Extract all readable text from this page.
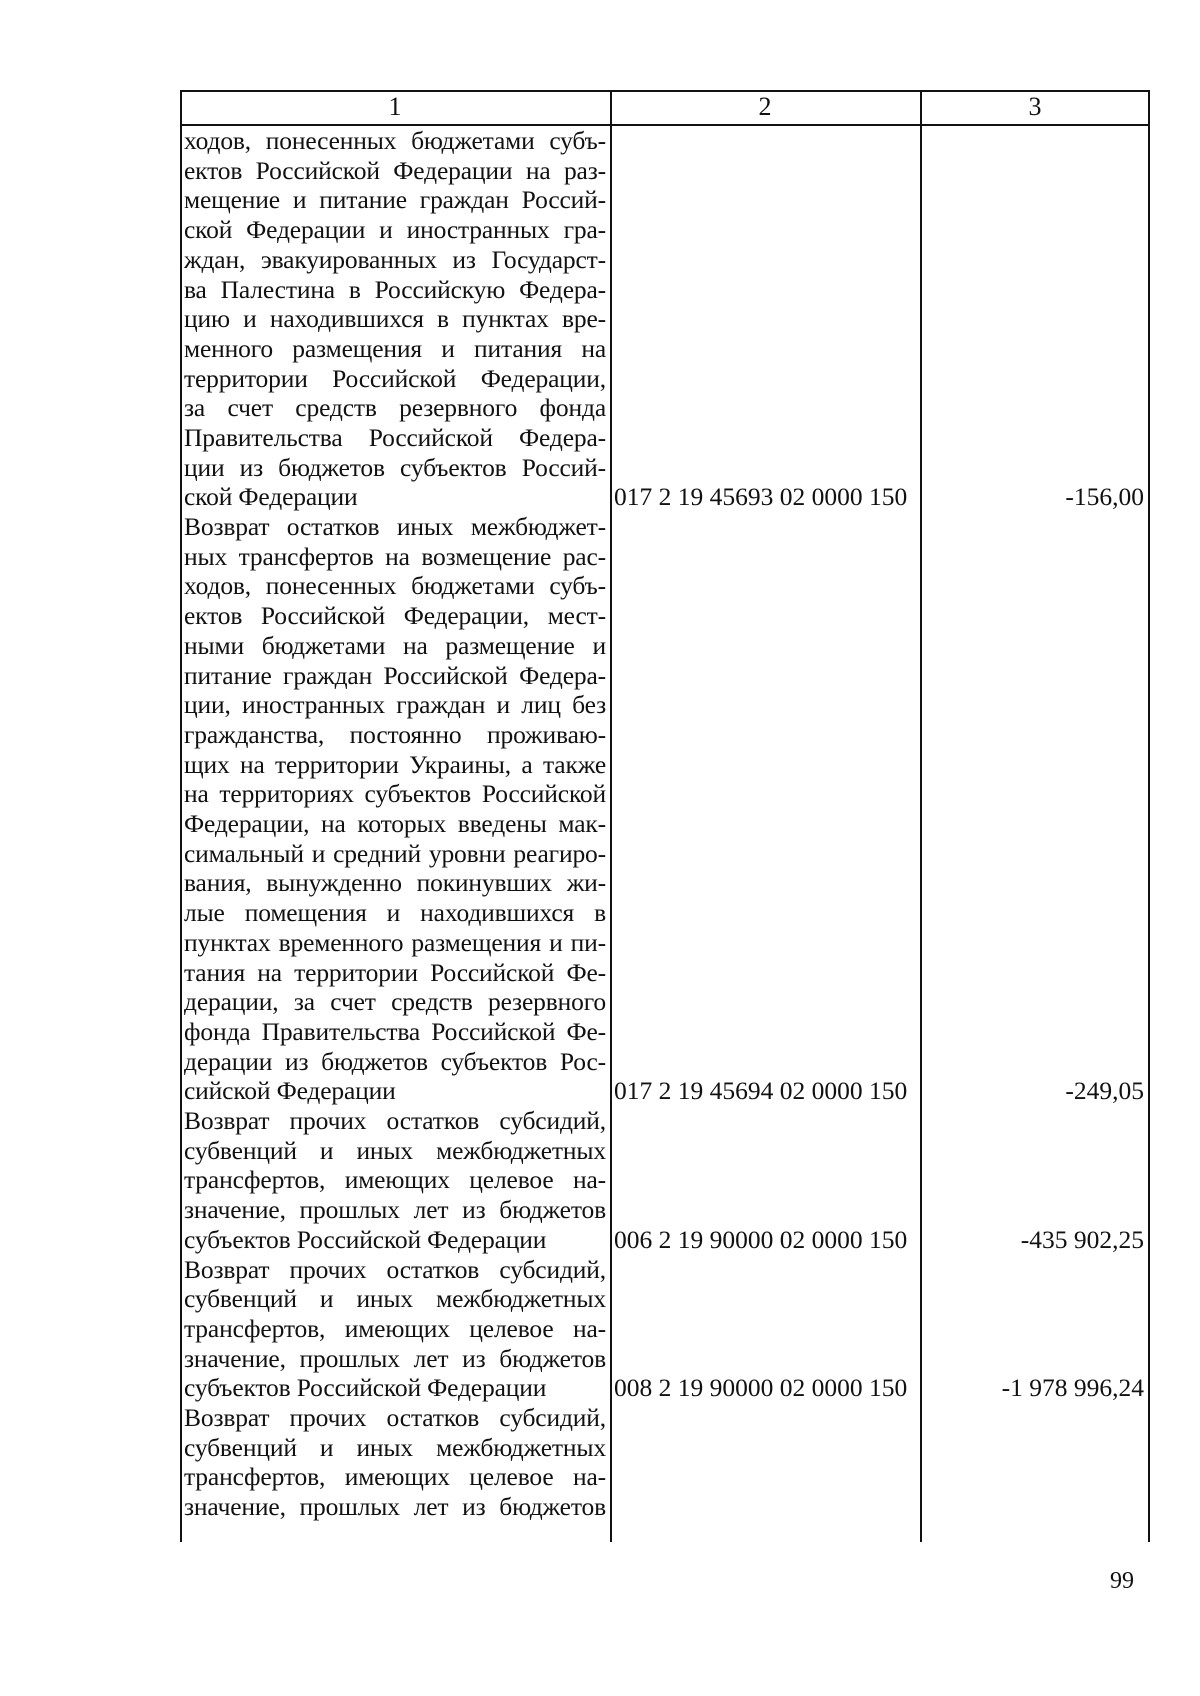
1	2	3
ходов, понесенных бюджетами субъ-
ектов Российской Федерации на раз-
мещение и питание граждан Россий-
ской Федерации и иностранных гра-
ждан, эвакуированных из Государст-
ва Палестина в Российскую Федера-
цию и находившихся в пунктах вре-
менного размещения и питания на
территории Российской Федерации,
за счет средств резервного фонда
Правительства Российской Федера-
ции из бюджетов субъектов Россий-
ской Федерации	017 2 19 45693 02 0000 150	-156,00
Возврат остатков иных межбюджет-
ных трансфертов на возмещение рас-
ходов, понесенных бюджетами субъ-
ектов Российской Федерации, мест-
ными бюджетами на размещение и
питание граждан Российской Федера-
ции, иностранных граждан и лиц без
гражданства, постоянно проживаю-
щих на территории Украины, а также
на территориях субъектов Российской
Федерации, на которых введены мак-
симальный и средний уровни реагиро-
вания, вынужденно покинувших жи-
лые помещения и находившихся в
пунктах временного размещения и пи-
тания на территории Российской Фе-
дерации, за счет средств резервного
фонда Правительства Российской Фе-
дерации из бюджетов субъектов Рос-
сийской Федерации	017 2 19 45694 02 0000 150	-249,05
Возврат прочих остатков субсидий,
субвенций и иных межбюджетных
трансфертов, имеющих целевое на-
значение, прошлых лет из бюджетов
субъектов Российской Федерации	006 2 19 90000 02 0000 150	-435 902,25
Возврат прочих остатков субсидий,
субвенций и иных межбюджетных
трансфертов, имеющих целевое на-
значение, прошлых лет из бюджетов
субъектов Российской Федерации	008 2 19 90000 02 0000 150	-1 978 996,24
Возврат прочих остатков субсидий,
субвенций и иных межбюджетных
трансфертов, имеющих целевое на-
значение, прошлых лет из бюджетов
99
